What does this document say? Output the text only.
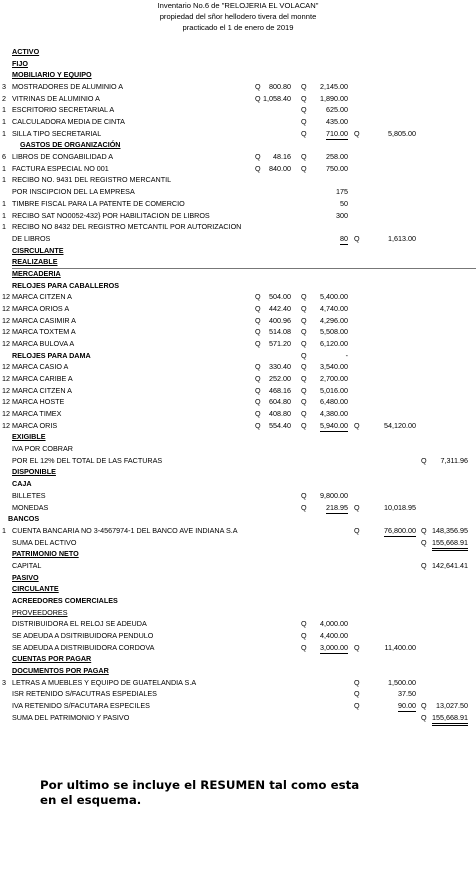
Inventario No.6 de "RELOJERIA EL VOLACAN"
propiedad del sñor hellodero tivera del monnte
practicado el 1 de enero de 2019
ACTIVO
FIJO
MOBILIARIO Y EQUIPO
3 MOSTRADORES DE ALUMINIO A	Q 800.80 Q 2,145.00
2 VITRINAS DE ALUMINIO A	Q 1,058.40 Q 1,890.00
1 ESCRITORIO SECRETARIAL A	Q	625.00
1 CALCULADORA MEDIA DE CINTA	Q	435.00
1 SILLA TIPO SECRETARIAL	Q	710.00 Q	5,805.00
GASTOS DE ORGANIZACIÓN
6 LIBROS DE CONGABILIDAD A	Q 48.16 Q	258.00
1 FACTURA ESPECIAL NO 001	Q 840.00 Q	750.00
1 RECIBO NO. 9431 DEL REGISTRO MERCANTIL
POR INSCIPCION DEL LA EMPRESA	175
1 TIMBRE FISCAL PARA LA PATENTE DE COMERCIO	50
1 RECIBO SAT NO0052-432} POR HABILITACION DE LIBROS	300
1 RECIBO NO 8432 DEL REGISTRO METCANTIL POR AUTORIZACION
DE LIBROS	80 Q	1,613.00
CISRCULANTE
REALIZABLE
MERCADERIA
RELOJES PARA CABALLEROS
12 MARCA CITZEN A	Q 504.00 Q 5,400.00
12 MARCA ORIOS A	Q 442.40 Q 4,740.00
12 MARCA CASIMIR A	Q 400.96 Q 4,296.00
12 MARCA TOXTEM A	Q 514.08 Q 5,508.00
12 MARCA BULOVA A	Q 571.20 Q 6,120.00
RELOJES PARA DAMA	Q	-
12 MARCA CASIO A	Q 330.40 Q 3,540.00
12 MARCA CARIBE A	Q 252.00 Q 2,700.00
12 MARCA CITZEN A	Q 468.16 Q 5,016.00
12 MARCA HOSTE	Q 604.80 Q 6,480.00
12 MARCA TIMEX	Q 408.80 Q 4,380.00
12 MARCA ORIS	Q 554.40 Q 5,940.00 Q	54,120.00
EXIGIBLE
IVA POR COBRAR
POR EL 12% DEL TOTAL DE LAS FACTURAS	Q 7,311.96
DISPONIBLE
CAJA
BILLETES	Q 9,800.00
MONEDAS	Q	218.95 Q	10,018.95
BANCOS
1 CUENTA BANCARIA NO 3-4567974-1 DEL BANCO AVE INDIANA S.A	Q	76,800.00 Q 148,356.95
SUMA DEL ACTIVO	Q 155,668.91
PATRIMONIO NETO
CAPITAL	Q 142,641.41
PASIVO
CIRCULANTE
ACREEDORES COMERCIALES
PROVEEDORES
DISTRIBUIDORA EL RELOJ SE ADEUDA	Q 4,000.00
SE ADEUDA A DSITRIBUIDORA PENDULO	Q 4,400.00
SE ADEUDA A DISTRIBUIDORA CORDOVA	Q 3,000.00 Q	11,400.00
CUENTAS POR PAGAR
DOCUMENTOS POR PAGAR
3 LETRAS A MUEBLES Y EQUIPO DE GUATELANDIA S.A	Q	1,500.00
ISR RETENIDO S/FACUTRAS ESPEDIALES	Q	37.50
IVA RETENIDO S/FACUTARA ESPECILES	Q	90.00 Q 13,027.50
SUMA DEL PATRIMONIO Y PASIVO	Q 155,668.91
Por ultimo se incluye el RESUMEN tal como esta en el esquema.
